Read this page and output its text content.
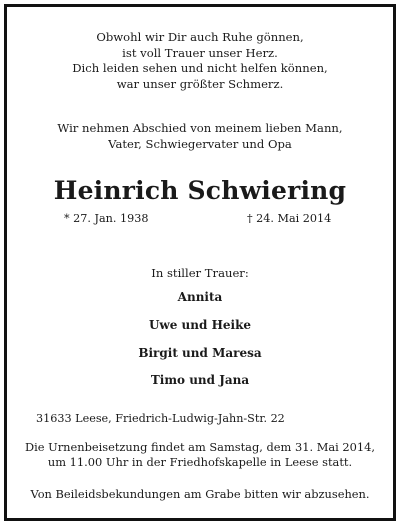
Obwohl wir Dir auch Ruhe gönnen,
ist voll Trauer unser Herz.
Dich leiden sehen und nicht helfen können,
war unser größter Schmerz.
Wir nehmen Abschied von meinem lieben Mann,
Vater, Schwiegervater und Opa
Heinrich Schwiering
* 27. Jan. 1938	† 24. Mai 2014
In stiller Trauer:
Annita
Uwe und Heike
Birgit und Maresa
Timo und Jana
31633 Leese, Friedrich-Ludwig-Jahn-Str. 22
Die Urnenbeisetzung findet am Samstag, dem 31. Mai 2014,
um 11.00 Uhr in der Friedhofskapelle in Leese statt.
Von Beileidsbekundungen am Grabe bitten wir abzusehen.
